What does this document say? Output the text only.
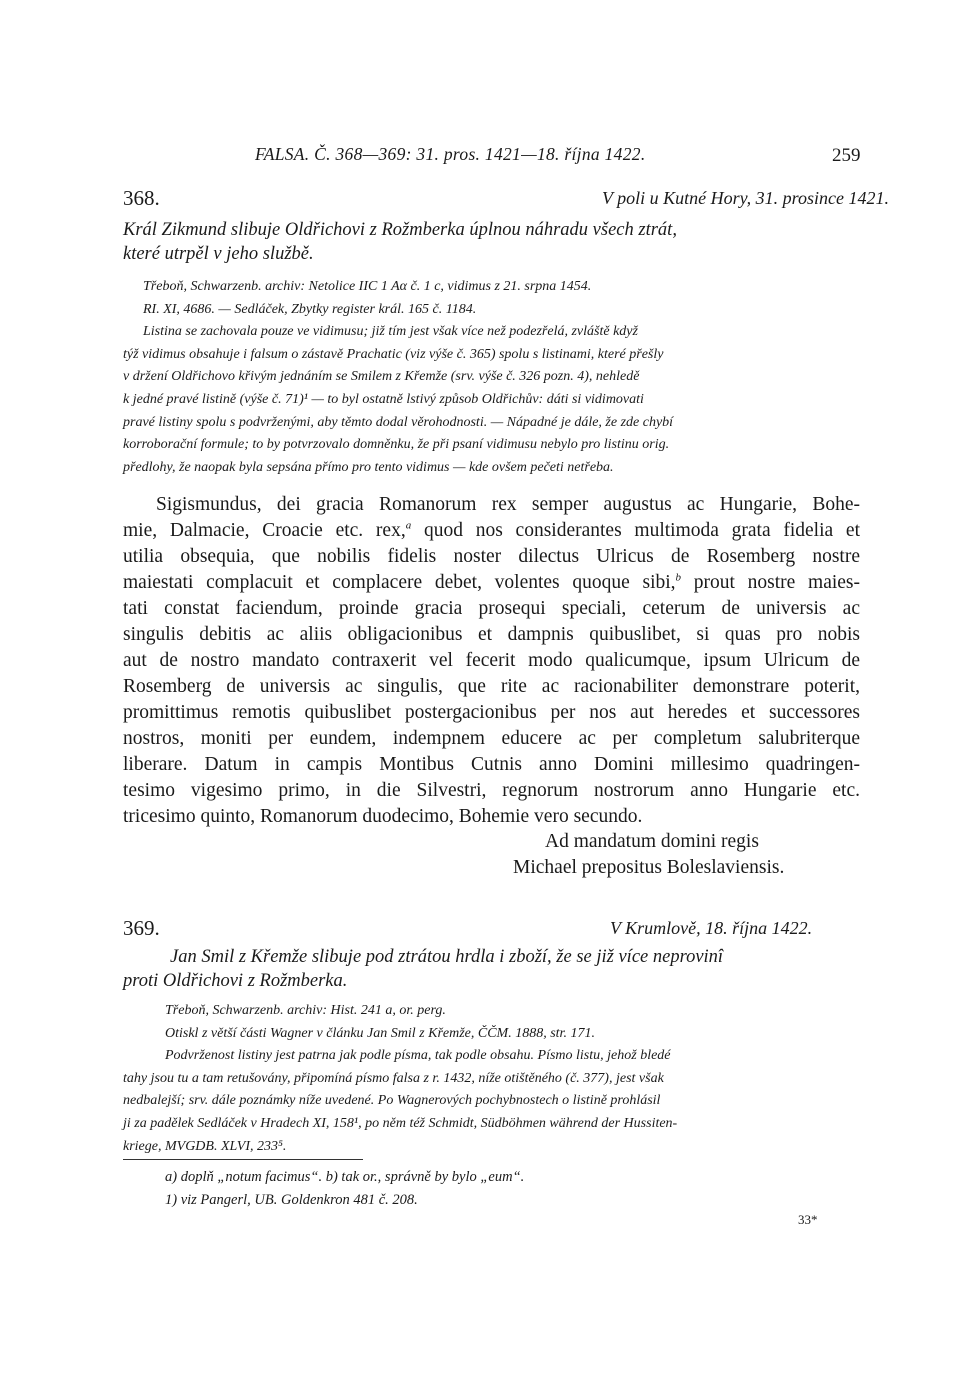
FALSA. Č. 368—369: 31. pros. 1421—18. října 1422.	259
368.	V poli u Kutné Hory, 31. prosince 1421.
Král Zikmund slibuje Oldřichovi z Rožmberka úplnou náhradu všech ztrát,
které utrpěl v jeho službě.

Třeboň, Schwarzenb. archiv: Netolice IIC 1 Aα č. 1 c, vidimus z 21. srpna 1454.

RI. XI, 4686. — Sedláček, Zbytky register král. 165 č. 1184.

Listina se zachovala pouze ve vidimusu; již tím jest však více než podezřelá, zvláště když

týž vidimus obsahuje i falsum o zástavě Prachatic (viz výše č. 365) spolu s listinami, které přešly

v držení Oldřichovo křivým jednáním se Smilem z Křemže (srv. výše č. 326 pozn. 4), nehledě

k jedné pravé listině (výše č. 71)¹ — to byl ostatně lstivý způsob Oldřichův: dáti si vidimovati

pravé listiny spolu s podvrženými, aby těmto dodal věrohodnosti. — Nápadné je dále, že zde chybí

korroborační formule; to by potvrzovalo domněnku, že při psaní vidimusu nebylo pro listinu orig.

předlohy, že naopak byla sepsána přímo pro tento vidimus — kde ovšem pečeti netřeba.

Sigismundus, dei gracia Romanorum rex semper augustus ac Hungarie, Bohe-
mie, Dalmacie, Croacie etc. rex,$^a$ quod nos considerantes multimoda grata fidelia et
utilia obsequia, que nobilis fidelis noster dilectus Ulricus de Rosemberg nostre
maiestati complacuit et complacere debet, volentes quoque sibi,$^b$ prout nostre maies-
tati constat faciendum, proinde gracia prosequi speciali, ceterum de universis ac
singulis debitis ac aliis obligacionibus et dampnis quibuslibet, si quas pro nobis
aut de nostro mandato contraxerit vel fecerit modo qualicumque, ipsum Ulricum de
Rosemberg de universis ac singulis, que rite ac racionabiliter demonstrare poterit,
promittimus remotis quibuslibet postergacionibus per nos aut heredes et successores
nostros, moniti per eundem, indempnem educere ac per completum salubriterque
liberare. Datum in campis Montibus Cutnis anno Domini millesimo quadringen-
tesimo vigesimo primo, in die Silvestri, regnorum nostrorum anno Hungarie etc.
tricesimo quinto, Romanorum duodecimo, Bohemie vero secundo.
Ad mandatum domini regis
Michael prepositus Boleslaviensis.
369.	V Krumlově, 18. října 1422.
Jan Smil z Křemže slibuje pod ztrátou hrdla i zboží, že se již více neprovinî
proti Oldřichovi z Rožmberka.

Třeboň, Schwarzenb. archiv: Hist. 241 a, or. perg.

Otiskl z větší části Wagner v článku Jan Smil z Křemže, ČČM. 1888, str. 171.

Podvrženost listiny jest patrna jak podle písma, tak podle obsahu. Písmo listu, jehož bledé

tahy jsou tu a tam retušovány, připomíná písmo falsa z r. 1432, níže otištěného (č. 377), jest však

nedbalejší; srv. dále poznámky níže uvedené. Po Wagnerových pochybnostech o listině prohlásil

ji za padělek Sedláček v Hradech XI, 158¹, po něm též Schmidt, Südböhmen während der Hussiten-

kriege, MVGDB. XLVI, 233⁵.

a) doplň „notum facimus“. b) tak or., správně by bylo „eum“.
1) viz Pangerl, UB. Goldenkron 481 č. 208.
33*
